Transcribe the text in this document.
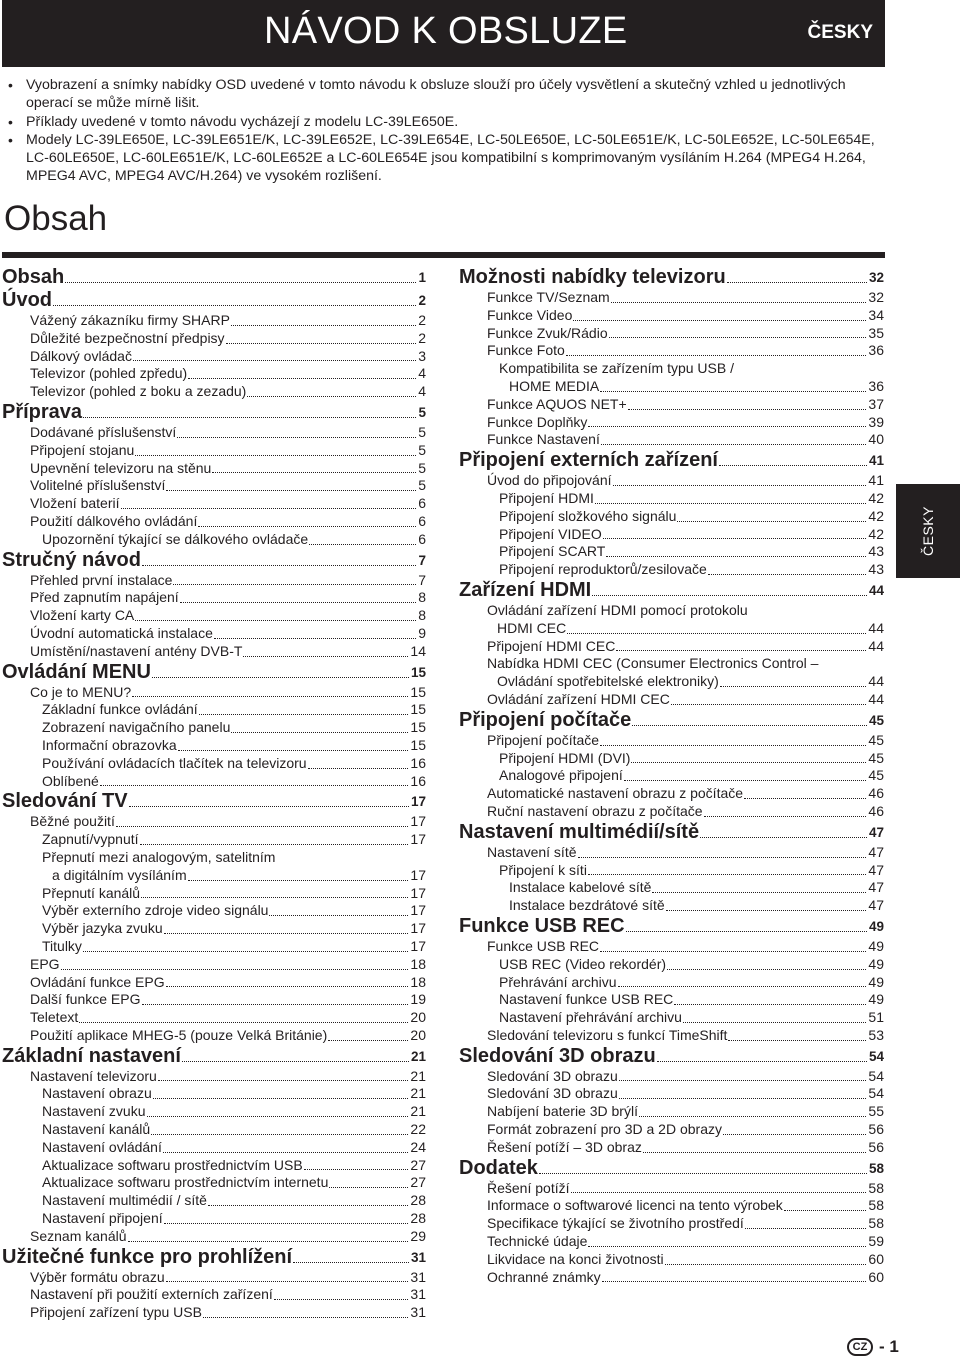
NÁVOD K OBSLUZE	ČESKY
• Vyobrazení a snímky nabídky OSD uvedené v tomto návodu k obsluze slouží pro účely vysvětlení a skutečný vzhled u jednotlivých operací se může mírně lišit.
• Příklady uvedené v tomto návodu vycházejí z modelu LC-39LE650E.
• Modely LC-39LE650E, LC-39LE651E/K, LC-39LE652E, LC-39LE654E, LC-50LE650E, LC-50LE651E/K, LC-50LE652E, LC-50LE654E, LC-60LE650E, LC-60LE651E/K, LC-60LE652E a LC-60LE654E jsou kompatibilní s komprimovaným vysíláním H.264 (MPEG4 H.264, MPEG4 AVC, MPEG4 AVC/H.264) ve vysokém rozlišení.
Obsah
Obsah	1
Úvod	2
Vážený zákazníku firmy SHARP	2
Důležité bezpečnostní předpisy	2
Dálkový ovládač	3
Televizor (pohled zpředu)	4
Televizor (pohled z boku a zezadu)	4
Příprava	5
Dodávané příslušenství	5
Připojení stojanu	5
Upevnění televizoru na stěnu	5
Volitelné příslušenství	5
Vložení baterií	6
Použití dálkového ovládání	6
Upozornění týkající se dálkového ovládače	6
Stručný návod	7
Přehled první instalace	7
Před zapnutím napájení	8
Vložení karty CA	8
Úvodní automatická instalace	9
Umístění/nastavení antény DVB-T	14
Ovládání MENU	15
Co je to MENU?	15
Základní funkce ovládání	15
Zobrazení navigačního panelu	15
Informační obrazovka	15
Používání ovládacích tlačítek na televizoru	16
Oblíbené	16
Sledování TV	17
Běžné použití	17
Zapnutí/vypnutí	17
Přepnutí mezi analogovým, satelitním
a digitálním vysíláním	17
Přepnutí kanálů	17
Výběr externího zdroje video signálu	17
Výběr jazyka zvuku	17
Titulky	17
EPG	18
Ovládání funkce EPG	18
Další funkce EPG	19
Teletext	20
Použití aplikace MHEG-5 (pouze Velká Británie)	20
Základní nastavení	21
Nastavení televizoru	21
Nastavení obrazu	21
Nastavení zvuku	21
Nastavení kanálů	22
Nastavení ovládání	24
Aktualizace softwaru prostřednictvím USB	27
Aktualizace softwaru prostřednictvím internetu	27
Nastavení multimédií / sítě	28
Nastavení připojení	28
Seznam kanálů	29
Užitečné funkce pro prohlížení	31
Výběr formátu obrazu	31
Nastavení při použití externích zařízení	31
Připojení zařízení typu USB	31
Možnosti nabídky televizoru	32
Funkce TV/Seznam	32
Funkce Video	34
Funkce Zvuk/Rádio	35
Funkce Foto	36
Kompatibilita se zařízením typu USB /
HOME MEDIA	36
Funkce AQUOS NET+	37
Funkce Doplňky	39
Funkce Nastavení	40
Připojení externích zařízení	41
Úvod do připojování	41
Připojení HDMI	42
Připojení složkového signálu	42
Připojení VIDEO	42
Připojení SCART	43
Připojení reproduktorů/zesilovače	43
Zařízení HDMI	44
Ovládání zařízení HDMI pomocí protokolu
HDMI CEC	44
Připojení HDMI CEC	44
Nabídka HDMI CEC (Consumer Electronics Control –
Ovládání spotřebitelské elektroniky)	44
Ovládání zařízení HDMI CEC	44
Připojení počítače	45
Připojení počítače	45
Připojení HDMI (DVI)	45
Analogové připojení	45
Automatické nastavení obrazu z počítače	46
Ruční nastavení obrazu z počítače	46
Nastavení multimédií/sítě	47
Nastavení sítě	47
Připojení k síti	47
Instalace kabelové sítě	47
Instalace bezdrátové sítě	47
Funkce USB REC	49
Funkce USB REC	49
USB REC (Video rekordér)	49
Přehrávání archivu	49
Nastavení funkce USB REC	49
Nastavení přehrávání archivu	51
Sledování televizoru s funkcí TimeShift	53
Sledování 3D obrazu	54
Sledování 3D obrazu	54
Sledování 3D obrazu	54
Nabíjení baterie 3D brýlí	55
Formát zobrazení pro 3D a 2D obrazy	56
Řešení potíží – 3D obraz	56
Dodatek	58
Řešení potíží	58
Informace o softwarové licenci na tento výrobek	58
Specifikace týkající se životního prostředí	58
Technické údaje	59
Likvidace na konci životnosti	60
Ochranné známky	60
ČESKY
CZ - 1
